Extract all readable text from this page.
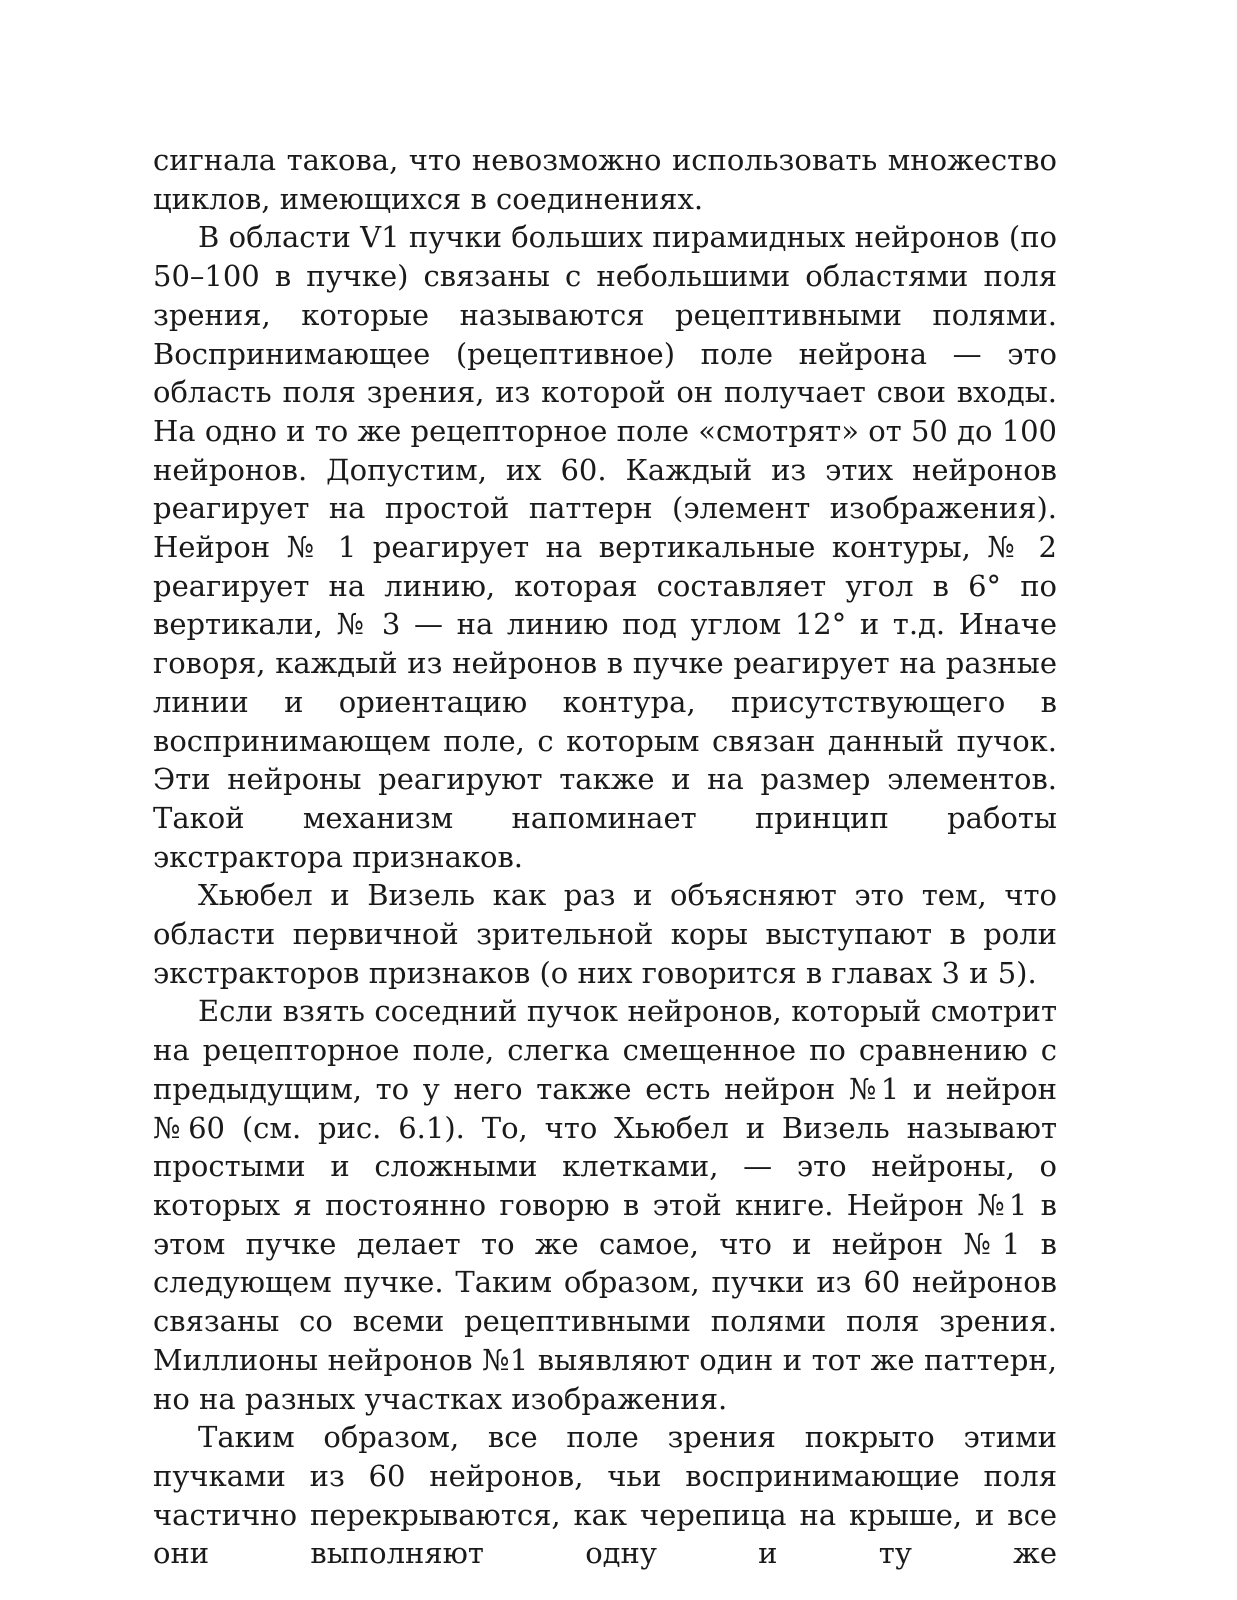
сигнала такова, что невозможно использовать множество циклов, имеющихся в соединениях.

В области V1 пучки больших пирамидных нейронов (по 50–100 в пучке) связаны с небольшими областями поля зрения, которые называются рецептивными полями. Воспринимающее (рецептивное) поле нейрона — это область поля зрения, из которой он получает свои входы. На одно и то же рецепторное поле «смотрят» от 50 до 100 нейронов. Допустим, их 60. Каждый из этих нейронов реагирует на простой паттерн (элемент изображения). Нейрон № 1 реагирует на вертикальные контуры, № 2 реагирует на линию, которая составляет угол в 6° по вертикали, № 3 — на линию под углом 12° и т.д. Иначе говоря, каждый из нейронов в пучке реагирует на разные линии и ориентацию контура, присутствующего в воспринимающем поле, с которым связан данный пучок. Эти нейроны реагируют также и на размер элементов. Такой механизм напоминает принцип работы экстрактора признаков.

Хьюбел и Визель как раз и объясняют это тем, что области первичной зрительной коры выступают в роли экстракторов признаков (о них говорится в главах 3 и 5).

Если взять соседний пучок нейронов, который смотрит на рецепторное поле, слегка смещенное по сравнению с предыдущим, то у него также есть нейрон №1 и нейрон №60 (см. рис. 6.1). То, что Хьюбел и Визель называют простыми и сложными клетками, — это нейроны, о которых я постоянно говорю в этой книге. Нейрон №1 в этом пучке делает то же самое, что и нейрон №1 в следующем пучке. Таким образом, пучки из 60 нейронов связаны со всеми рецептивными полями поля зрения. Миллионы нейронов №1 выявляют один и тот же паттерн, но на разных участках изображения.

Таким образом, все поле зрения покрыто этими пучками из 60 нейронов, чьи воспринимающие поля частично перекрываются, как черепица на крыше, и все они выполняют одну и ту же
